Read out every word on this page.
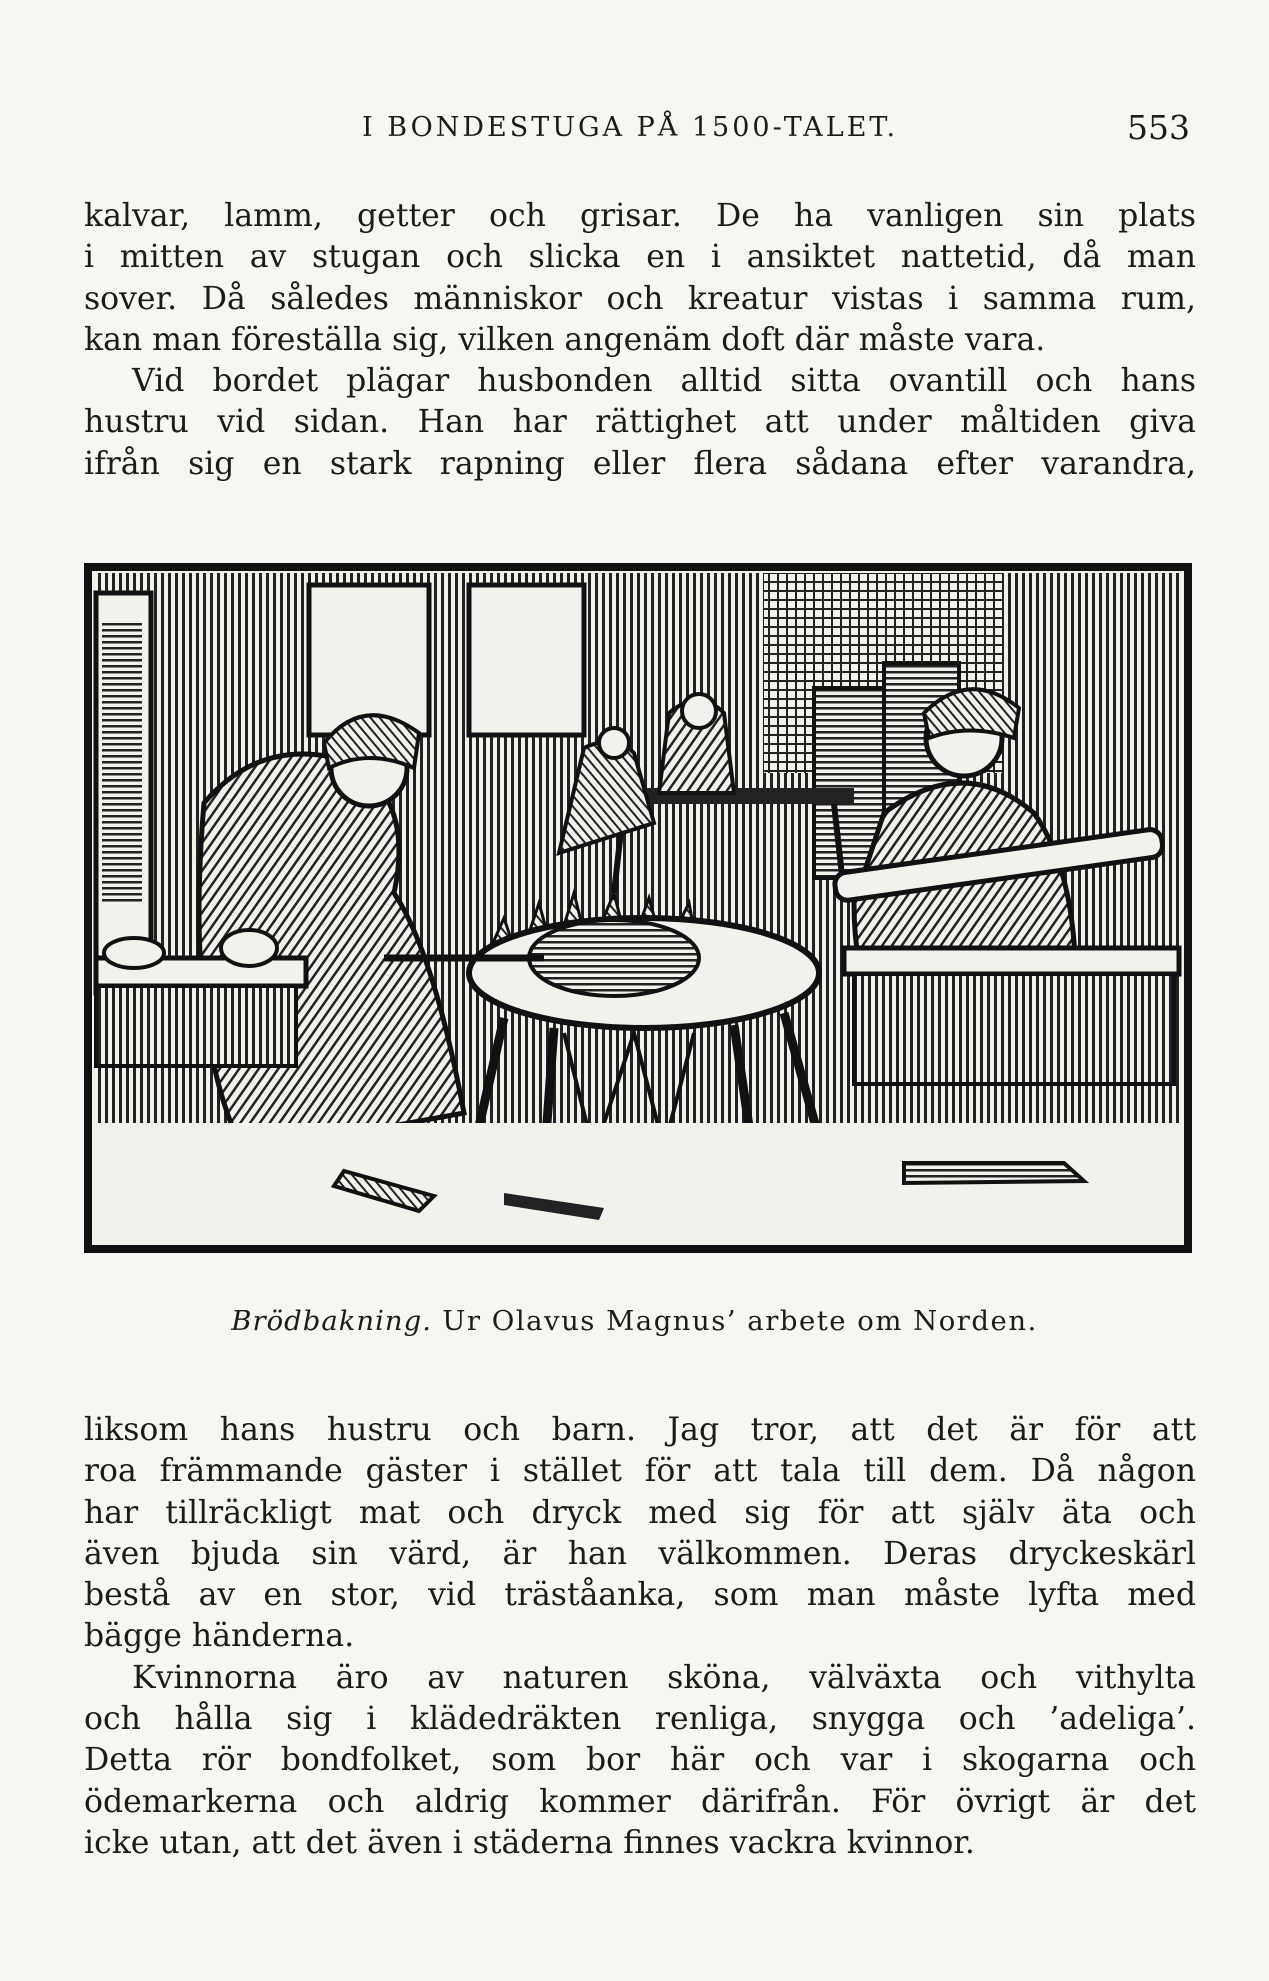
I BONDESTUGA PÅ 1500-TALET.	553
kalvar, lamm, getter och grisar. De ha vanligen sin plats
i mitten av stugan och slicka en i ansiktet nattetid, då man
sover. Då således människor och kreatur vistas i samma rum,
kan man föreställa sig, vilken angenäm doft där måste vara.
Vid bordet plägar husbonden alltid sitta ovantill och hans
hustru vid sidan. Han har rättighet att under måltiden giva
ifrån sig en stark rapning eller flera sådana efter varandra,
Brödbakning. Ur Olavus Magnus’ arbete om Norden.
liksom hans hustru och barn. Jag tror, att det är för att
roa främmande gäster i stället för att tala till dem. Då någon
har tillräckligt mat och dryck med sig för att själv äta och
även bjuda sin värd, är han välkommen. Deras dryckeskärl
bestå av en stor, vid träståanka, som man måste lyfta med
bägge händerna.
Kvinnorna äro av naturen sköna, välväxta och vithylta
och hålla sig i klädedräkten renliga, snygga och ’adeliga’.
Detta rör bondfolket, som bor här och var i skogarna och
ödemarkerna och aldrig kommer därifrån. För övrigt är det
icke utan, att det även i städerna finnes vackra kvinnor.
